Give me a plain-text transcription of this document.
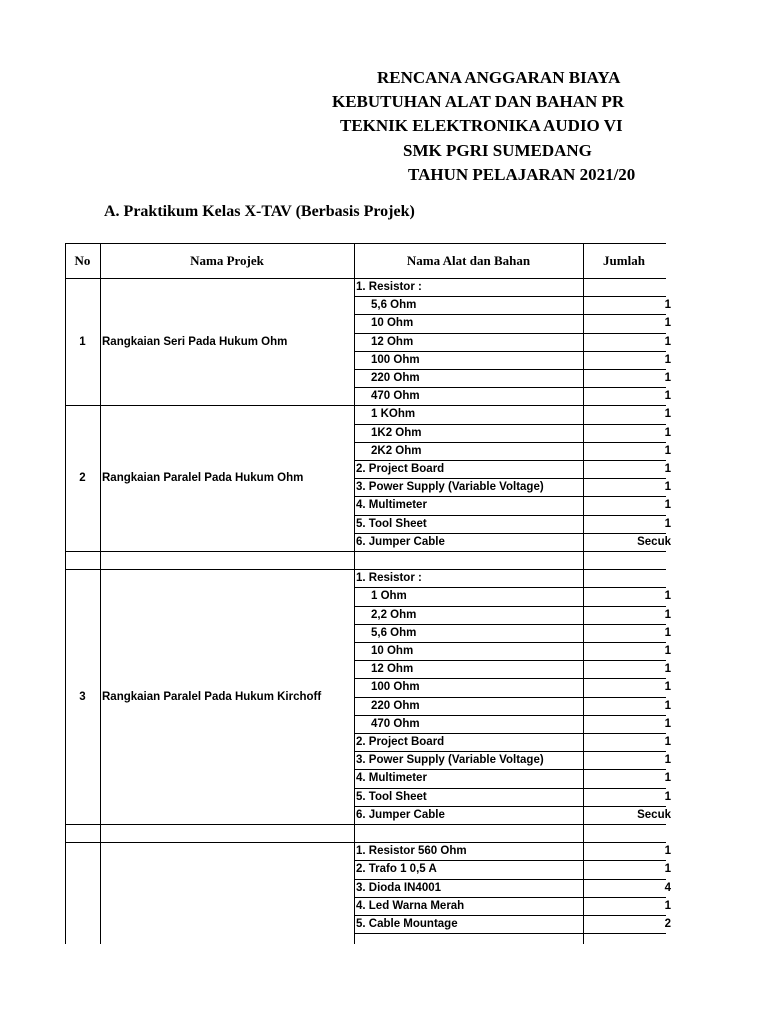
RENCANA ANGGARAN BIAYA
KEBUTUHAN ALAT DAN BAHAN PR
TEKNIK ELEKTRONIKA AUDIO VI
SMK PGRI SUMEDANG
TAHUN PELAJARAN 2021/20
A. Praktikum Kelas X-TAV (Berbasis Projek)
No	Nama Projek	Nama Alat dan Bahan	Jumlah
1	Rangkaian Seri Pada Hukum Ohm
1. Resistor :
5,6 Ohm	1
10 Ohm	1
12 Ohm	1
100 Ohm	1
220 Ohm	1
470 Ohm	1
2	Rangkaian Paralel Pada Hukum Ohm
1 KOhm	1
1K2 Ohm	1
2K2 Ohm	1
2. Project Board	1
3. Power Supply (Variable Voltage)	1
4. Multimeter	1
5. Tool Sheet	1
6. Jumper Cable	Secuk
3	Rangkaian Paralel Pada Hukum Kirchoff
1. Resistor :
1 Ohm	1
2,2 Ohm	1
5,6 Ohm	1
10 Ohm	1
12 Ohm	1
100 Ohm	1
220 Ohm	1
470 Ohm	1
2. Project Board	1
3. Power Supply (Variable Voltage)	1
4. Multimeter	1
5. Tool Sheet	1
6. Jumper Cable	Secuk
1. Resistor 560 Ohm	1
2. Trafo 1 0,5 A	1
3. Dioda IN4001	4
4. Led Warna Merah	1
5. Cable Mountage	2
